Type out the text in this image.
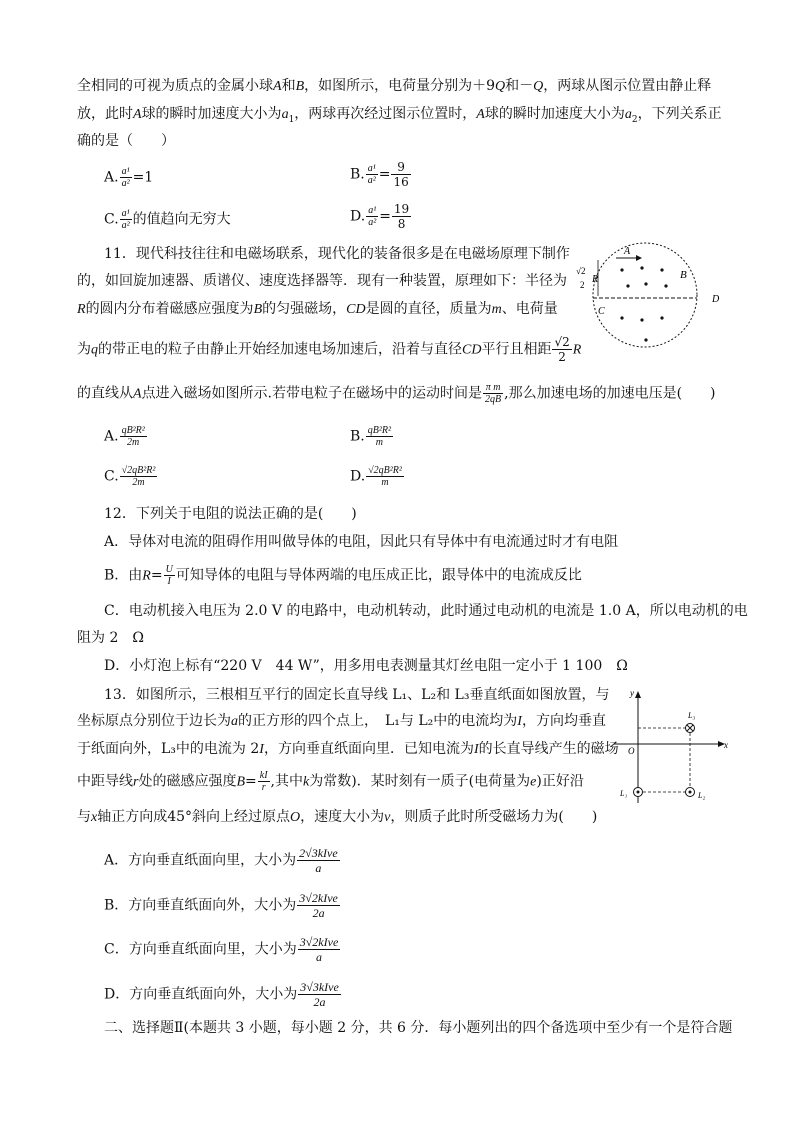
全相同的可视为质点的金属小球A和B，如图所示，电荷量分别为＋9Q和－Q，两球从图示位置由静止释
放，此时A球的瞬时加速度大小为$a_1$，两球再次经过图示位置时，A球的瞬时加速度大小为$a_2$，下列关系正
确的是（　　）
A. $\frac{\text{a¹}}{\text{a²}} =1$	B. $\frac{\text{a¹}}{\text{a²}} = \frac{9}{16}$
C. $\frac{\text{a¹}}{\text{a²}}$ 的值趋向无穷大	D. $\frac{\text{a¹}}{\text{a²}} = \frac{19}{8}$
11．现代科技往往和电磁场联系，现代化的装备很多是在电磁场原理下制作
的，如回旋加速器、质谱仪、速度选择器等．现有一种装置，原理如下：半径为
R的圆内分布着磁感应强度为B的匀强磁场，CD是圆的直径，质量为m、电荷量
为q的带正电的粒子由静止开始经加速电场加速后，沿着与直径CD平行且相距 $\frac{√2}{2}$ R
的直线从A点进入磁场如图所示.若带电粒子在磁场中的运动时间是 $\frac{\text{π m}}{2qB}$ ,那么加速电场的加速电压是(　　)
A. $\frac{\text{qB²R²}}{2m}$	B. $\frac{\text{qB²R²}}{m}$
C. $\frac{\text{√2qB²R²}}{2m}$	D. $\frac{\text{√2qB²R²}}{m}$
A
B
C
D
√2
2 R
12．下列关于电阻的说法正确的是(　　)
A．导体对电流的阻碍作用叫做导体的电阻，因此只有导体中有电流通过时才有电阻
B．由$R= \frac{U}{I}$ 可知导体的电阻与导体两端的电压成正比，跟导体中的电流成反比
C．电动机接入电压为 2.0 V 的电路中，电动机转动，此时通过电动机的电流是 1.0 A，所以电动机的电
阻为 2　Ω
D．小灯泡上标有“220 V　44 W”，用多用电表测量其灯丝电阻一定小于 1 100　Ω
13．如图所示，三根相互平行的固定长直导线 L₁、L₂和 L₃垂直纸面如图放置，与
坐标原点分别位于边长为a的正方形的四个点上，　L₁与 L₂中的电流均为I，方向均垂直
于纸面向外，L₃中的电流为 2I，方向垂直纸面向里．已知电流为I的长直导线产生的磁场
中距导线r处的磁感应强度$B= \frac{kI}{r}$ ,其中k为常数)．某时刻有一质子(电荷量为e)正好沿
与x轴正方向成45°斜向上经过原点O，速度大小为v，则质子此时所受磁场力为(　　)
A．方向垂直纸面向里，大小为 $\frac{\text{2√3kIve}}{a}$
B．方向垂直纸面向外，大小为 $\frac{\text{3√2kIve}}{2a}$
C．方向垂直纸面向里，大小为 $\frac{\text{3√2kIve}}{a}$
D．方向垂直纸面向外，大小为 $\frac{\text{3√3kIve}}{2a}$
y
x
O
L₃
L₁	L₂
二、选择题Ⅱ(本题共 3 小题，每小题 2 分，共 6 分．每小题列出的四个备选项中至少有一个是符合题
